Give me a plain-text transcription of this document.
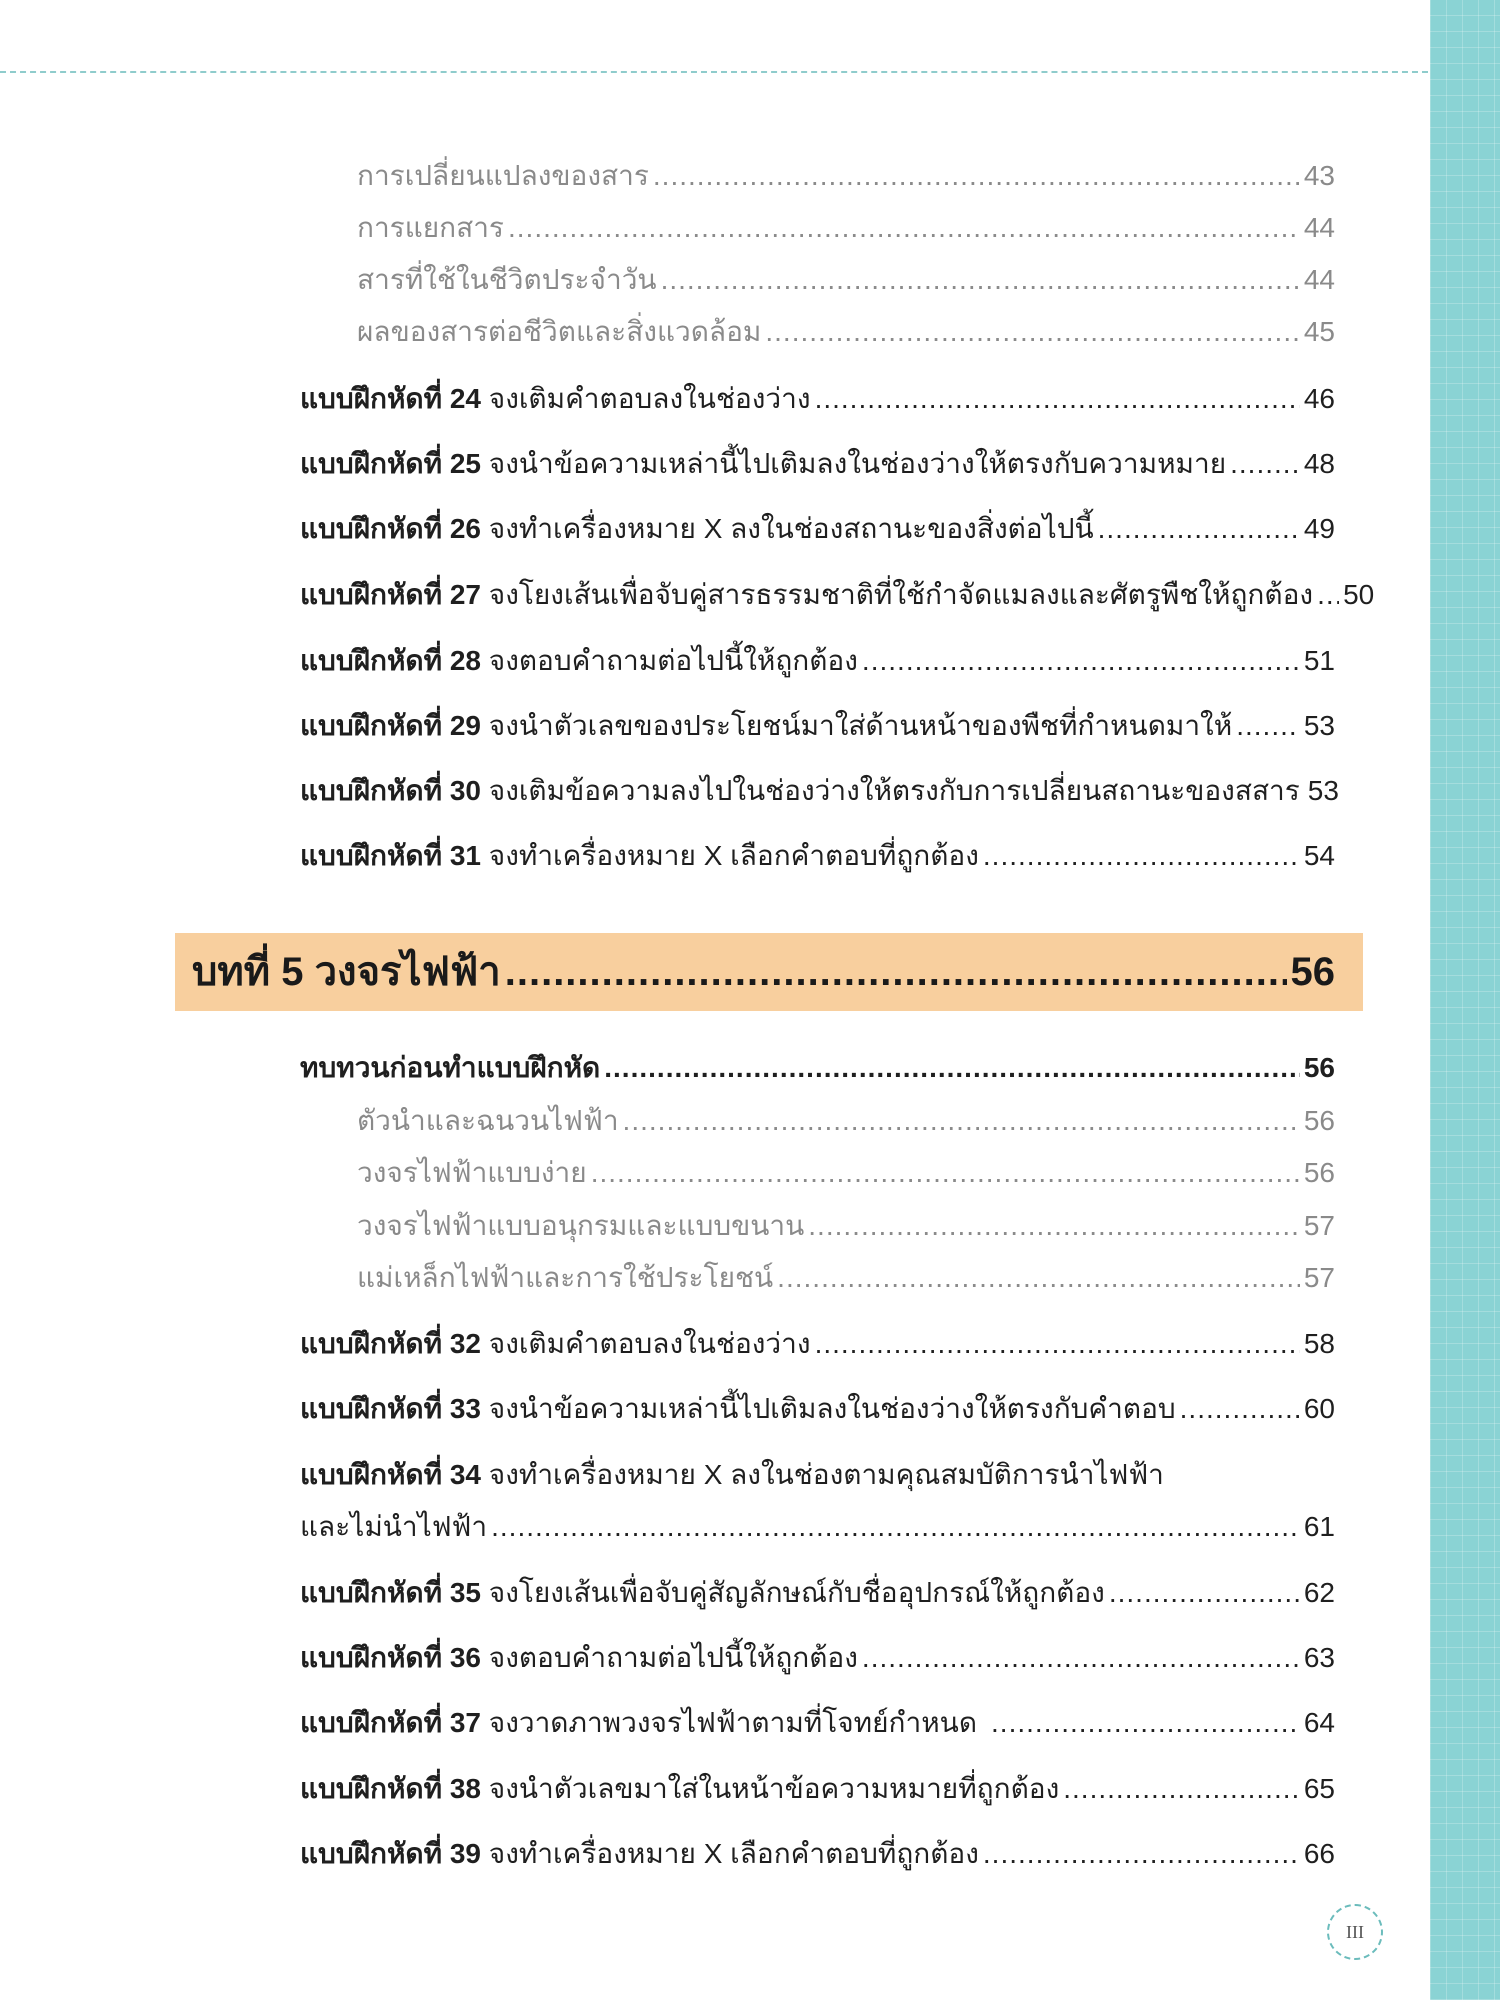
การเปลี่ยนแปลงของสาร .....	43
การแยกสาร .....	44
สารที่ใช้ในชีวิตประจำวัน .....	44
ผลของสารต่อชีวิตและสิ่งแวดล้อม .....	45
แบบฝึกหัดที่ 24 จงเติมคำตอบลงในช่องว่าง .....	46
แบบฝึกหัดที่ 25 จงนำข้อความเหล่านี้ไปเติมลงในช่องว่างให้ตรงกับความหมาย .....	48
แบบฝึกหัดที่ 26 จงทำเครื่องหมาย X ลงในช่องสถานะของสิ่งต่อไปนี้ .....	49
แบบฝึกหัดที่ 27 จงโยงเส้นเพื่อจับคู่สารธรรมชาติที่ใช้กำจัดแมลงและศัตรูพืชให้ถูกต้อง ..... 50
แบบฝึกหัดที่ 28 จงตอบคำถามต่อไปนี้ให้ถูกต้อง .....	51
แบบฝึกหัดที่ 29 จงนำตัวเลขของประโยชน์มาใส่ด้านหน้าของพืชที่กำหนดมาให้ .....	53
แบบฝึกหัดที่ 30 จงเติมข้อความลงไปในช่องว่างให้ตรงกับการเปลี่ยนสถานะของสสาร 53
แบบฝึกหัดที่ 31 จงทำเครื่องหมาย X เลือกคำตอบที่ถูกต้อง .....	54
บทที่ 5 วงจรไฟฟ้า .....	56
ทบทวนก่อนทำแบบฝึกหัด .....	56
ตัวนำและฉนวนไฟฟ้า .....	56
วงจรไฟฟ้าแบบง่าย .....	56
วงจรไฟฟ้าแบบอนุกรมและแบบขนาน .....	57
แม่เหล็กไฟฟ้าและการใช้ประโยชน์ .....	57
แบบฝึกหัดที่ 32 จงเติมคำตอบลงในช่องว่าง .....	58
แบบฝึกหัดที่ 33 จงนำข้อความเหล่านี้ไปเติมลงในช่องว่างให้ตรงกับคำตอบ .....	60
แบบฝึกหัดที่ 34 จงทำเครื่องหมาย X ลงในช่องตามคุณสมบัติการนำไฟฟ้า
และไม่นำไฟฟ้า .....	61
แบบฝึกหัดที่ 35 จงโยงเส้นเพื่อจับคู่สัญลักษณ์กับชื่ออุปกรณ์ให้ถูกต้อง .....	62
แบบฝึกหัดที่ 36 จงตอบคำถามต่อไปนี้ให้ถูกต้อง .....	63
แบบฝึกหัดที่ 37 จงวาดภาพวงจรไฟฟ้าตามที่โจทย์กำหนด .....	64
แบบฝึกหัดที่ 38 จงนำตัวเลขมาใส่ในหน้าข้อความหมายที่ถูกต้อง .....	65
แบบฝึกหัดที่ 39 จงทำเครื่องหมาย X เลือกคำตอบที่ถูกต้อง .....	66
III
